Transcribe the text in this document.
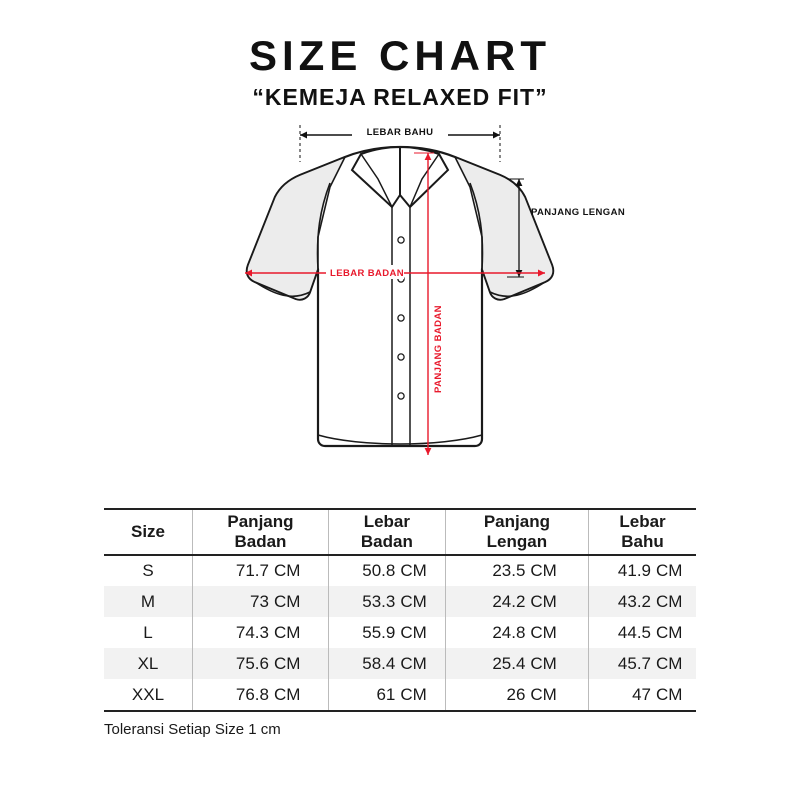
SIZE CHART
“KEMEJA RELAXED FIT”
LEBAR BAHU
PANJANG LENGAN
LEBAR BADAN
PANJANG BADAN
Size	Panjang Badan	Lebar Badan	Panjang Lengan	Lebar Bahu
S	71.7 CM	50.8 CM	23.5 CM	41.9 CM
M	73 CM	53.3 CM	24.2 CM	43.2 CM
L	74.3 CM	55.9 CM	24.8 CM	44.5 CM
XL	75.6 CM	58.4 CM	25.4 CM	45.7 CM
XXL	76.8 CM	61 CM	26 CM	47 CM
Toleransi Setiap Size 1 cm
